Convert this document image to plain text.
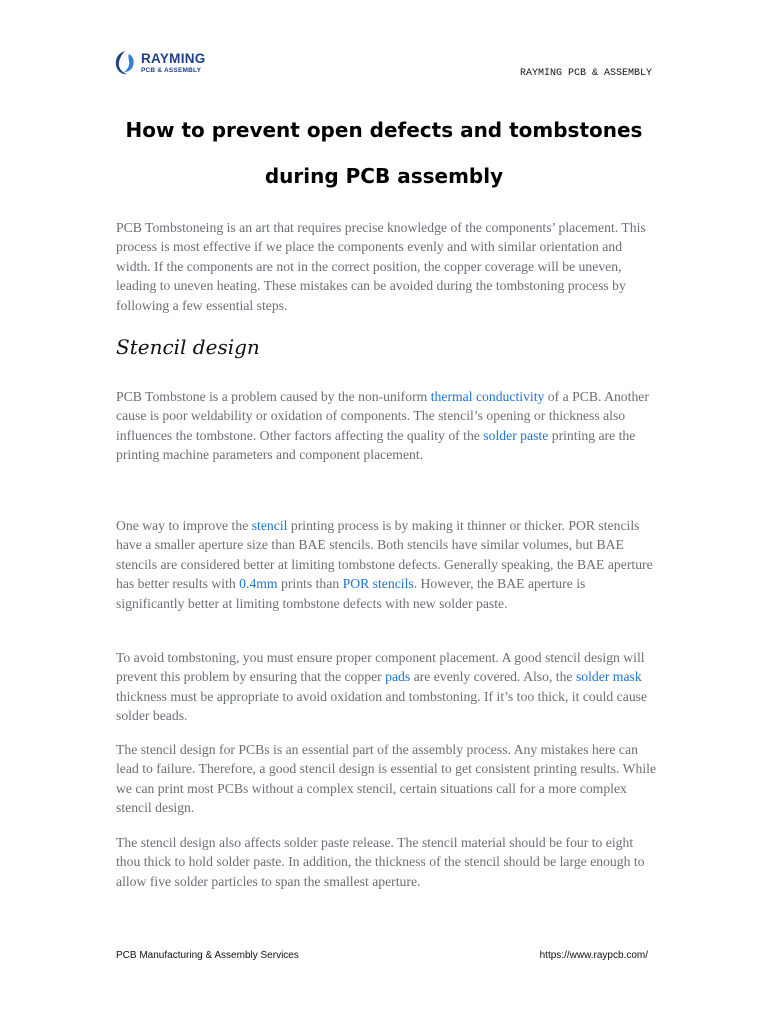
RAYMING
PCB & ASSEMBLY	RAYMING PCB & ASSEMBLY
How to prevent open defects and tombstones
during PCB assembly

PCB Tombstoneing is an art that requires precise knowledge of the components’ placement. This process is most effective if we place the components evenly and with similar orientation and width. If the components are not in the correct position, the copper coverage will be uneven, leading to uneven heating. These mistakes can be avoided during the tombstoning process by following a few essential steps.

Stencil design

PCB Tombstone is a problem caused by the non-uniform thermal conductivity of a PCB. Another cause is poor weldability or oxidation of components. The stencil’s opening or thickness also influences the tombstone. Other factors affecting the quality of the solder paste printing are the printing machine parameters and component placement.

One way to improve the stencil printing process is by making it thinner or thicker. POR stencils have a smaller aperture size than BAE stencils. Both stencils have similar volumes, but BAE stencils are considered better at limiting tombstone defects. Generally speaking, the BAE aperture has better results with 0.4mm prints than POR stencils. However, the BAE aperture is significantly better at limiting tombstone defects with new solder paste.

To avoid tombstoning, you must ensure proper component placement. A good stencil design will prevent this problem by ensuring that the copper pads are evenly covered. Also, the solder mask thickness must be appropriate to avoid oxidation and tombstoning. If it’s too thick, it could cause solder beads.

The stencil design for PCBs is an essential part of the assembly process. Any mistakes here can lead to failure. Therefore, a good stencil design is essential to get consistent printing results. While we can print most PCBs without a complex stencil, certain situations call for a more complex stencil design.

The stencil design also affects solder paste release. The stencil material should be four to eight thou thick to hold solder paste. In addition, the thickness of the stencil should be large enough to allow five solder particles to span the smallest aperture.

PCB Manufacturing & Assembly Services	https://www.raypcb.com/
